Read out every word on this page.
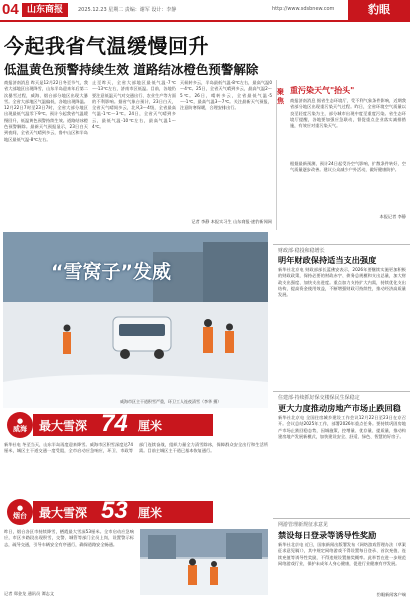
04 山东商报	2025.12.23 星期二 责编：谢军 设计：李静	http://www.sdsbnew.com	豹眼
今起我省气温缓慢回升
低温黄色预警持续生效 道路结冰橙色预警解除
商报济南消息 昨天是12月22日冬至节气，我省大部地区出现降雪，山东半岛迎来年后第二次暴雪过程，威海、烟台部分地区出现大暴雪。全省大部地区气温偏低，各地出现降温。12月22日7时至23日7时，全省大部分地区出现最低气温零下9℃。预计今起我省气温缓慢回升，低温黄色预警持续生效。道路结冰橙色预警解除。最新天气预报显示，23日白天到夜间，全省天气晴到多云，鲁中山区和半岛地区最低气温-8℃左右。
止至昨天，全省大部地区最低气温-7℃～-13℃左右，济南市区低温。目前，各地仍要注意低温天气对交通出行、农业生产等方面的不利影响。据省气象台预计，23日白天，全省天气晴间多云，北风3～4级，全省最高气温-1℃～3℃。24日，全省天气晴到多云，最低气温-10℃左右，最高气温1～4℃。
天候转多云，半岛最低气温-8℃左右，最高气温0～4℃。25日，全省天气晴到多云，最高气温2～5℃。26日，晴转多云，全省最低气温-5～-1℃，最高气温3～7℃。关注最新天气预报，注意防寒保暖，合理安排出行。
记者 李静 本报实习生 山东商报·速豹新闻网
聚焦
重污染天气"抬头"
商报济南消息 据省生态环境厅，受不利气象条件影响，近期我省部分地区出现重污染天气过程。昨日，全省环境空气质量以良至轻度污染为主，部分城市出现中度至重度污染。省生态环境厅提醒，各地要加强应急联动，督促重点企业落实减排措施，有效应对重污染天气。
根据最新预测，预计24日起受冷空气影响，扩散条件转好，空气质量逐步改善。建议公众减少户外活动，做好健康防护。
本报记者 李静
财政部·稳投和稳增长
明年财政保持适当支出强度
新华社北京电 财政部部长蓝佛安表示，2026年要继续实施更加积极的财政政策，保持必要的财政赤字、债务总规模和支出总量，加大财政支出强度、加快支出进度。重点加力支持扩大内需，持续优化支出结构，提高资金使用效益，不断增强财政可持续性，推动经济高质量发展。
住建部·持续抓好保交楼保民生保稳定
更大力度推动房地产市场止跌回稳
新华社北京电 全国住房城乡建设工作会议12月22日至23日在京召开。会议总结2025年工作，部署2026年重点任务。要持续巩固房地产市场止跌回稳态势，因城施策，控增量、优存量、提质量，推动构建房地产发展新模式，加快建设安全、舒适、绿色、智慧的好房子。
网游管理新规征求意见
禁设每日登录等诱导性奖励
新华社北京电 近日，国家新闻出版署发布《网络游戏管理办法（草案征求意见稿）》，其中规定网络游戏不得设置每日登录、首次充值、连续充值等诱导性奖励，不得违规设置抽奖概率。此举旨在进一步规范网络游戏行业，保护未成年人身心健康，促进行业健康有序发展。
“雪窝子”发威
威海市区主干道积雪严重，环卫工人连夜清雪（李华 摄）
●
威海 最大雪深 74 厘米
新华社电 冬至当天，山东半岛再度迎来降雪。威海市区积雪深度达74厘米，城区主干道交通一度受阻，全市启动应急响应，环卫、市政等部门连续奋战，组织力量全力清雪除冰，保障群众安全出行和生活所需。目前主城区主干道已基本恢复通行。
●
烟台 最大雪深 53 厘米
昨日，烟台各区市持续降雪，栖霞最大雪深53厘米。全市启动应急响应，市区多路段出现积雪，交警、城管等部门全员上岗，设置警示标志，疏导交通，引导车辆安全有序通行，确保道路安全畅通。
记者 郑金龙 通讯员 谭志文	豹眼新闻客户端
